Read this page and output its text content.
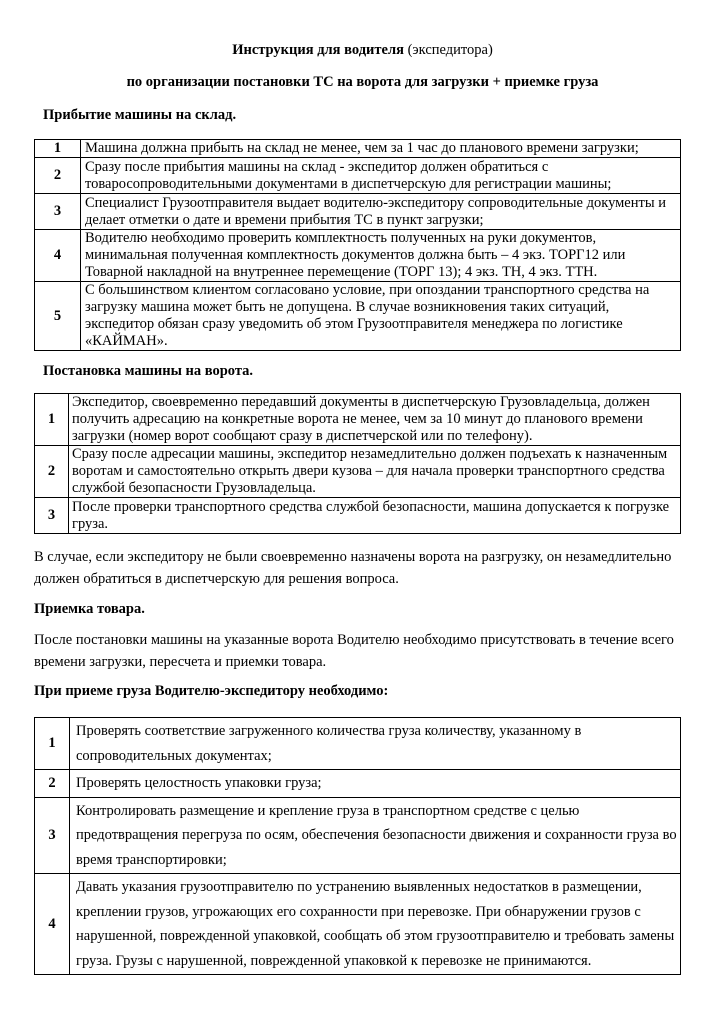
Инструкция для водителя (экспедитора)
по организации постановки ТС на ворота для загрузки + приемке груза
Прибытие машины на склад.
1	Машина должна прибыть на склад не менее, чем за 1 час до планового времени загрузки;
2	Сразу после прибытия машины на склад - экспедитор должен обратиться с товаросопроводительными документами в диспетчерскую для регистрации машины;
3	Специалист Грузоотправителя выдает водителю-экспедитору сопроводительные документы и делает отметки о дате и времени прибытия ТС в пункт загрузки;
4	Водителю необходимо проверить комплектность полученных на руки документов, минимальная полученная комплектность документов должна быть – 4 экз. ТОРГ12 или Товарной накладной на внутреннее перемещение (ТОРГ 13); 4 экз. ТН, 4 экз. ТТН.
5	С большинством клиентом согласовано условие, при опоздании транспортного средства на загрузку машина может быть не допущена. В случае возникновения таких ситуаций, экспедитор обязан сразу уведомить об этом Грузоотправителя менеджера по логистике «КАЙМАН».
Постановка машины на ворота.
1	Экспедитор, своевременно передавший документы в диспетчерскую Грузовладельца, должен получить адресацию на конкретные ворота не менее, чем за 10 минут до планового времени загрузки (номер ворот сообщают сразу в диспетчерской или по телефону).
2	Сразу после адресации машины, экспедитор незамедлительно должен подъехать к назначенным воротам и самостоятельно открыть двери кузова – для начала проверки транспортного средства службой безопасности Грузовладельца.
3	После проверки транспортного средства службой безопасности, машина допускается к погрузке груза.
В случае, если экспедитору не были своевременно назначены ворота на разгрузку, он незамедлительно должен обратиться в диспетчерскую для решения вопроса.
Приемка товара.
После постановки машины на указанные ворота Водителю необходимо присутствовать в течение всего времени загрузки, пересчета и приемки товара.
При приеме груза Водителю-экспедитору необходимо:
1	Проверять соответствие загруженного количества груза количеству, указанному в сопроводительных документах;
2	Проверять целостность упаковки груза;
3	Контролировать размещение и крепление груза в транспортном средстве с целью предотвращения перегруза по осям, обеспечения безопасности движения и сохранности груза во время транспортировки;
4	Давать указания грузоотправителю по устранению выявленных недостатков в размещении, креплении грузов, угрожающих его сохранности при перевозке. При обнаружении грузов с нарушенной, поврежденной упаковкой, сообщать об этом грузоотправителю и требовать замены груза. Грузы с нарушенной, поврежденной упаковкой к перевозке не принимаются.
